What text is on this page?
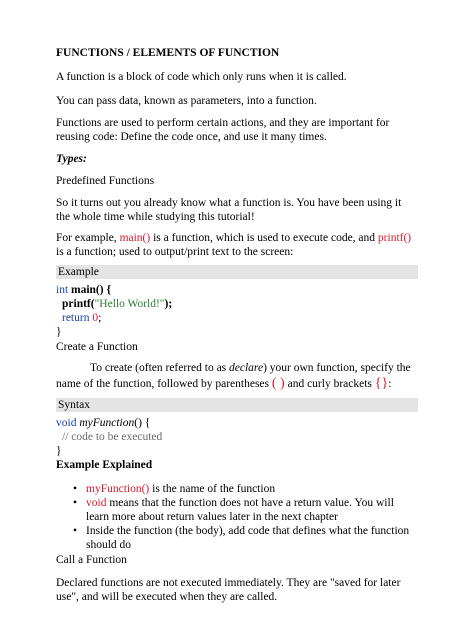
FUNCTIONS / ELEMENTS OF FUNCTION

A function is a block of code which only runs when it is called.

You can pass data, known as parameters, into a function.

Functions are used to perform certain actions, and they are important for reusing code: Define the code once, and use it many times.

Types:

Predefined Functions

So it turns out you already know what a function is. You have been using it the whole time while studying this tutorial!

For example, main() is a function, which is used to execute code, and printf() is a function; used to output/print text to the screen:

Example
int main() {
printf("Hello World!");
return 0;
}

Create a Function

To create (often referred to as declare) your own function, specify the name of the function, followed by parentheses ( ) and curly brackets {}:

Syntax
void myFunction() {
// code to be executed
}

Example Explained

• myFunction() is the name of the function
• void means that the function does not have a return value. You will learn more about return values later in the next chapter
• Inside the function (the body), add code that defines what the function should do

Call a Function

Declared functions are not executed immediately. They are "saved for later use", and will be executed when they are called.
